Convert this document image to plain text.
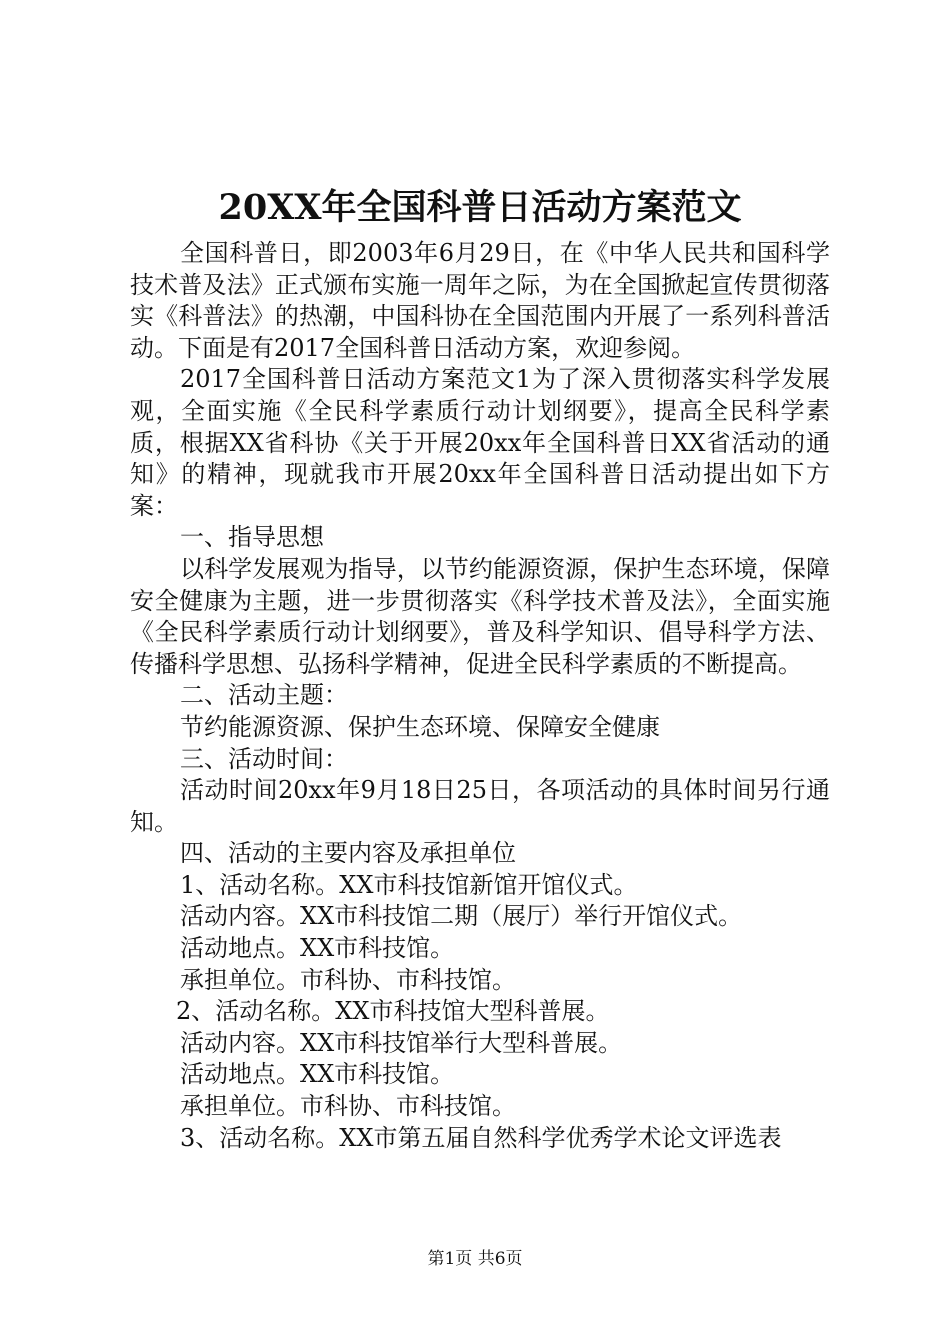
20XX年全国科普日活动方案范文

全国科普日，即2003年6月29日，在《中华人民共和国科学技术普及法》正式颁布实施一周年之际，为在全国掀起宣传贯彻落实《科普法》的热潮，中国科协在全国范围内开展了一系列科普活动。下面是有2017全国科普日活动方案，欢迎参阅。

2017全国科普日活动方案范文1为了深入贯彻落实科学发展观，全面实施《全民科学素质行动计划纲要》，提高全民科学素质，根据XX省科协《关于开展20xx年全国科普日XX省活动的通知》的精神，现就我市开展20xx年全国科普日活动提出如下方案：

一、指导思想

以科学发展观为指导，以节约能源资源，保护生态环境，保障安全健康为主题，进一步贯彻落实《科学技术普及法》，全面实施《全民科学素质行动计划纲要》，普及科学知识、倡导科学方法、传播科学思想、弘扬科学精神，促进全民科学素质的不断提高。

二、活动主题：

节约能源资源、保护生态环境、保障安全健康

三、活动时间：

活动时间20xx年9月18日25日，各项活动的具体时间另行通知。

四、活动的主要内容及承担单位

1、活动名称。XX市科技馆新馆开馆仪式。

活动内容。XX市科技馆二期（展厅）举行开馆仪式。

活动地点。XX市科技馆。

承担单位。市科协、市科技馆。

2、活动名称。XX市科技馆大型科普展。

活动内容。XX市科技馆举行大型科普展。

活动地点。XX市科技馆。

承担单位。市科协、市科技馆。

3、活动名称。XX市第五届自然科学优秀学术论文评选表

第1页 共6页
